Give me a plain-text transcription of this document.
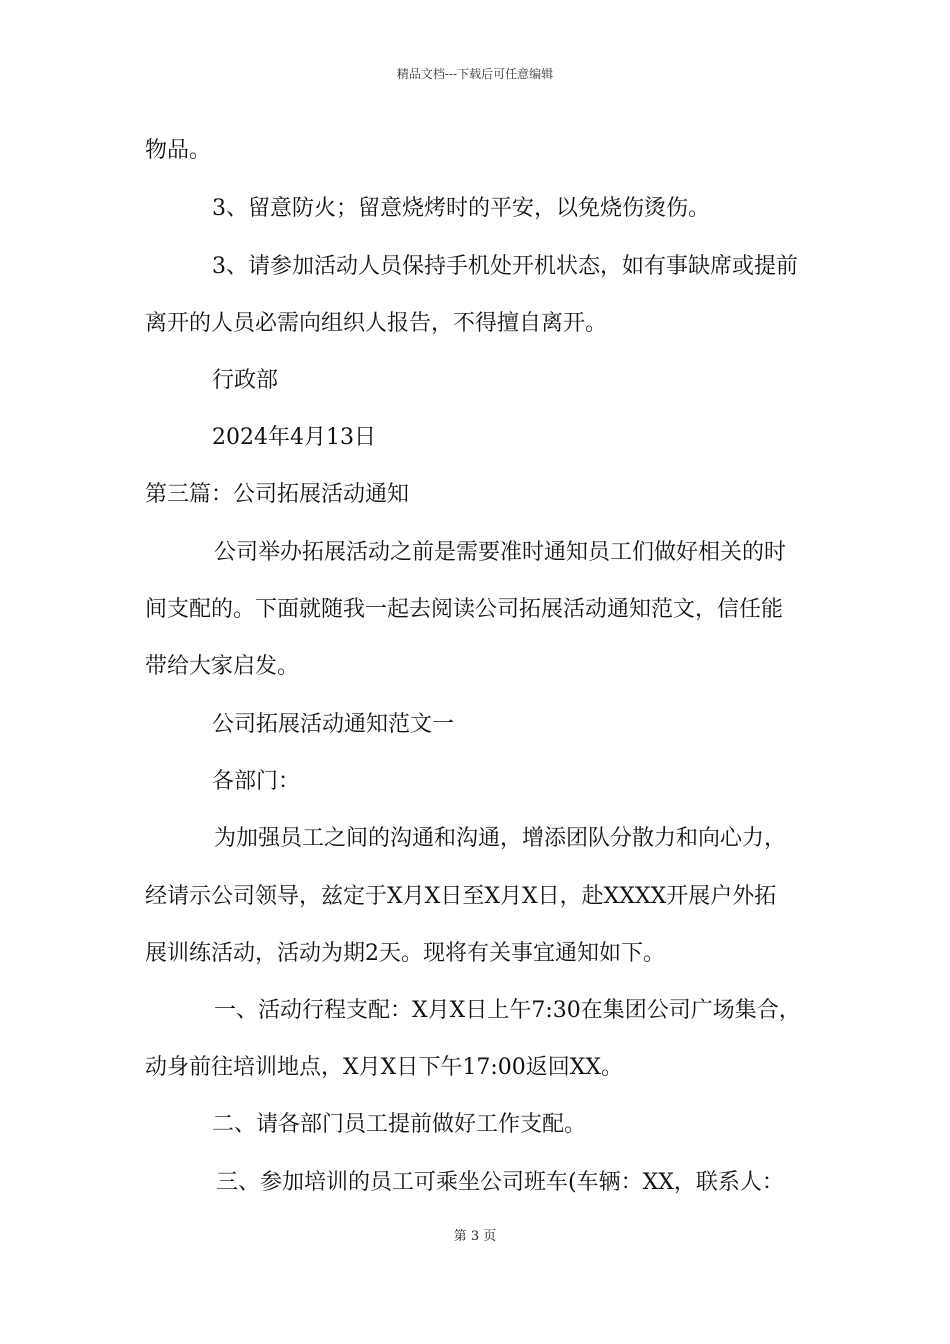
精品文档---下载后可任意编辑
物品。
3、留意防火；留意烧烤时的平安，以免烧伤烫伤。
3、请参加活动人员保持手机处开机状态，如有事缺席或提前
离开的人员必需向组织人报告，不得擅自离开。
行政部
2024年4月13日
第三篇：公司拓展活动通知
公司举办拓展活动之前是需要准时通知员工们做好相关的时
间支配的。下面就随我一起去阅读公司拓展活动通知范文，信任能
带给大家启发。
公司拓展活动通知范文一
各部门：
为加强员工之间的沟通和沟通，增添团队分散力和向心力，
经请示公司领导，兹定于X月X日至X月X日，赴XXXX开展户外拓
展训练活动，活动为期2天。现将有关事宜通知如下。
一、活动行程支配：X月X日上午7:30在集团公司广场集合，
动身前往培训地点，X月X日下午17:00返回XX。
二、请各部门员工提前做好工作支配。
三、参加培训的员工可乘坐公司班车(车辆：XX，联系人：
第 3 页
